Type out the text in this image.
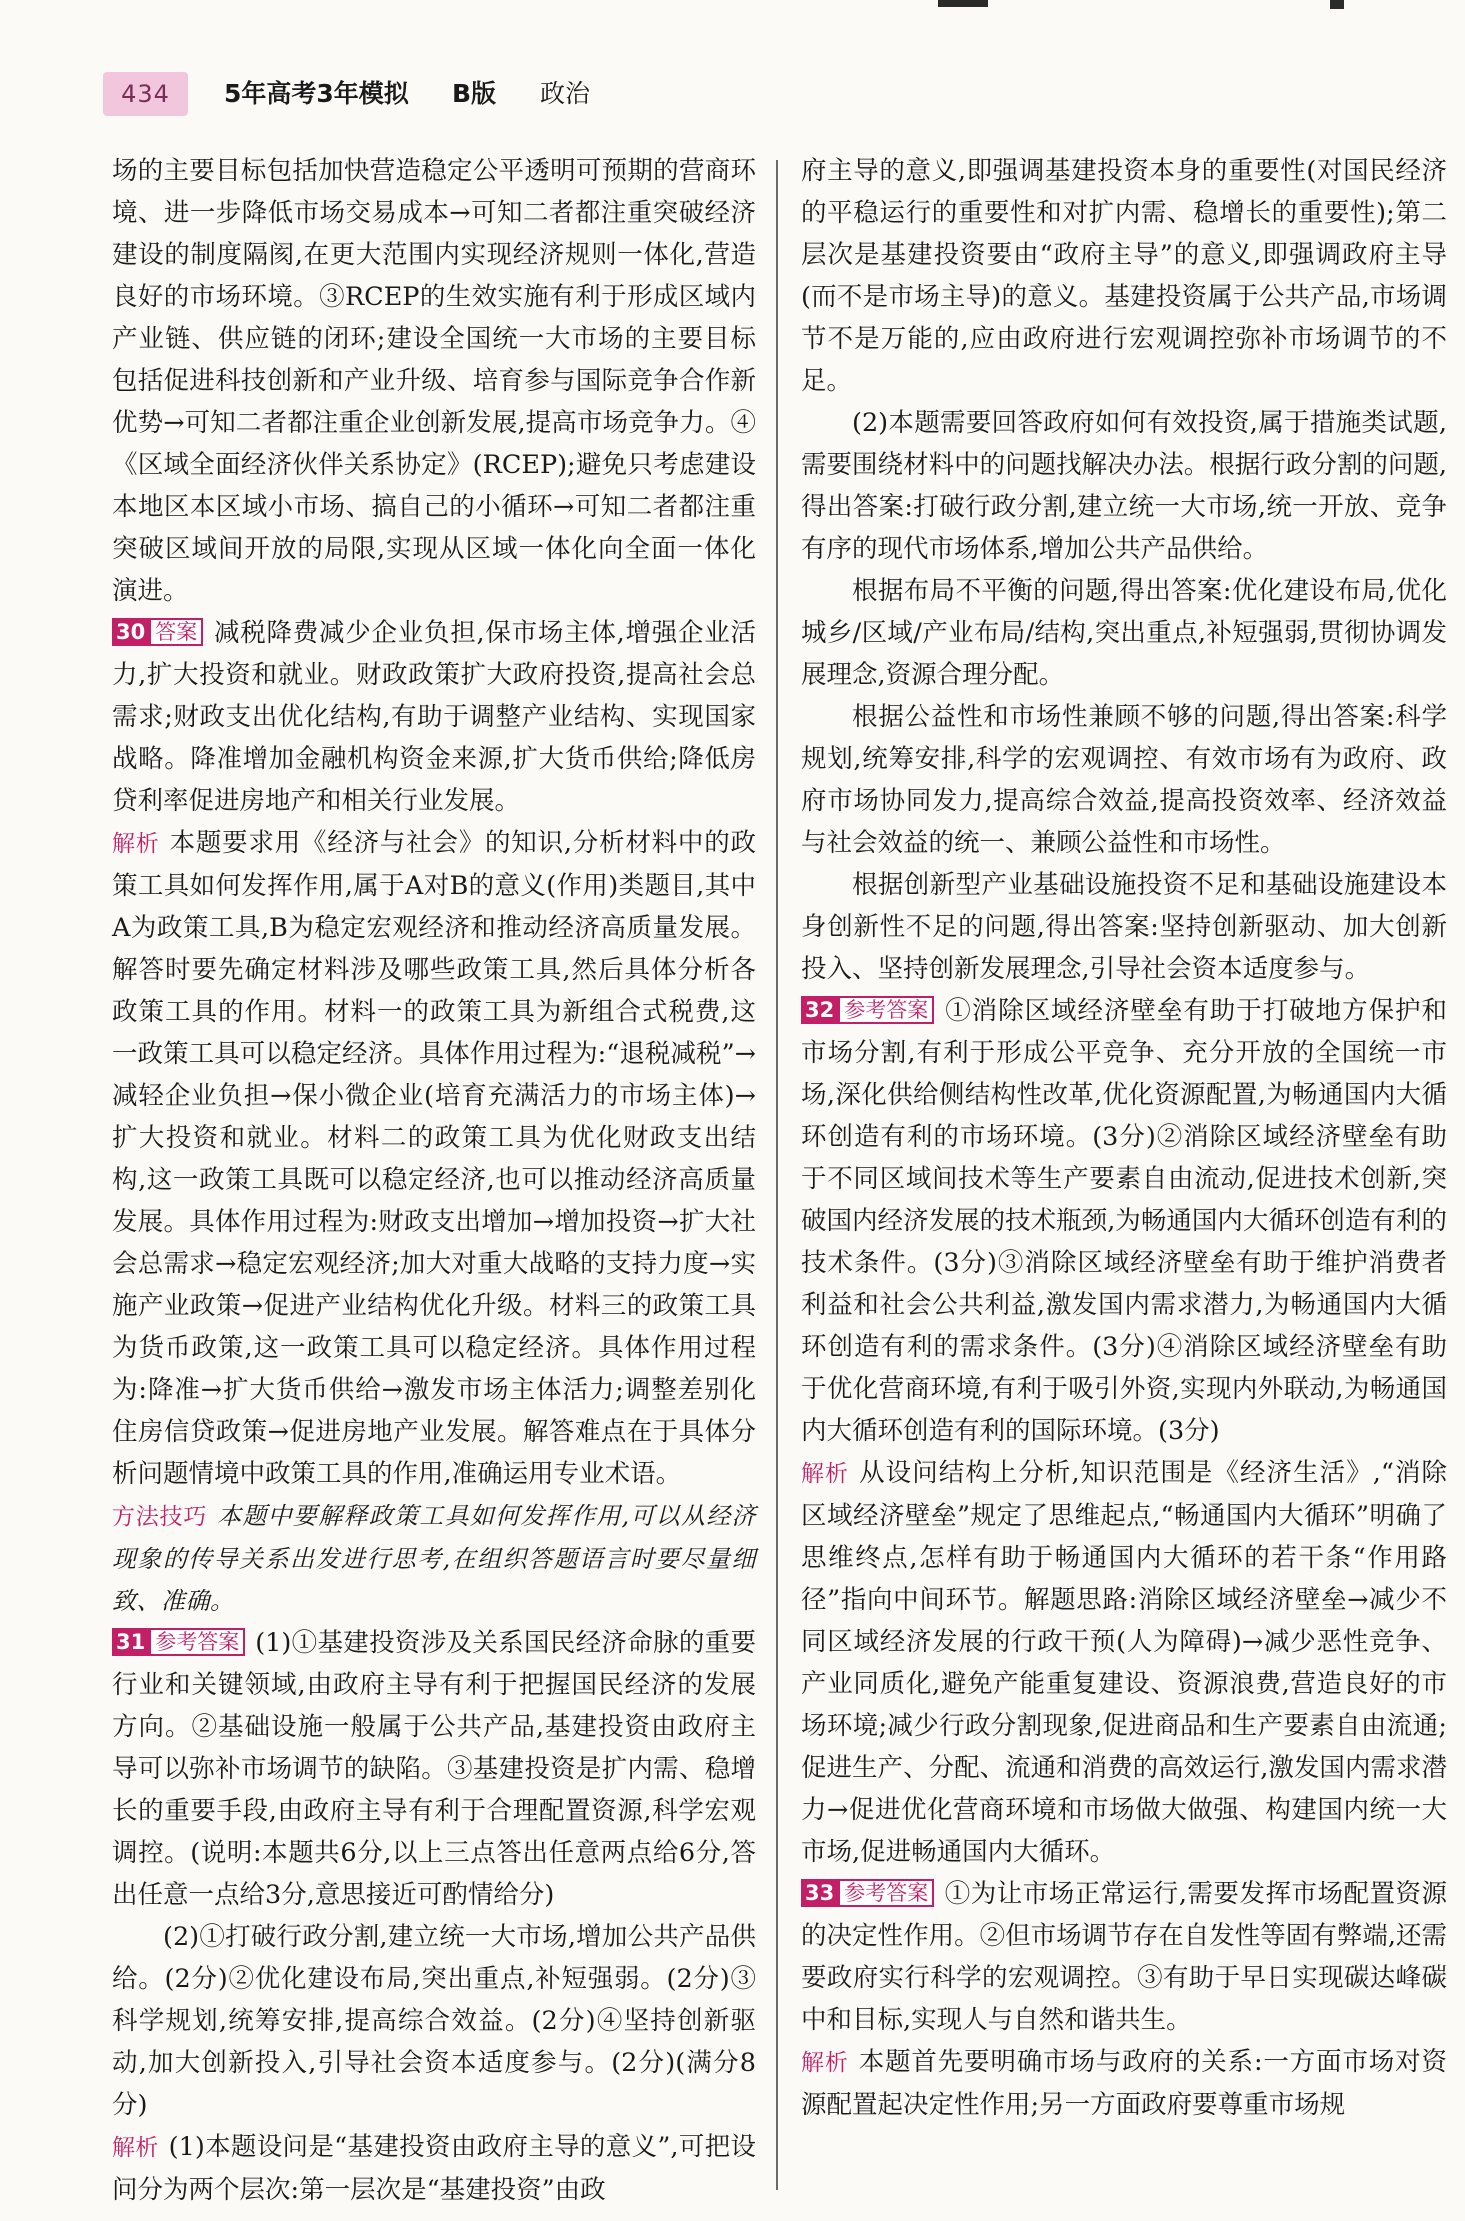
434	5年高考3年模拟 B版 政治

场的主要目标包括加快营造稳定公平透明可预期的营商环境、进一步降低市场交易成本→可知二者都注重突破经济建设的制度隔阂,在更大范围内实现经济规则一体化,营造良好的市场环境。③RCEP的生效实施有利于形成区域内产业链、供应链的闭环;建设全国统一大市场的主要目标包括促进科技创新和产业升级、培育参与国际竞争合作新优势→可知二者都注重企业创新发展,提高市场竞争力。④《区域全面经济伙伴关系协定》(RCEP);避免只考虑建设本地区本区域小市场、搞自己的小循环→可知二者都注重突破区域间开放的局限,实现从区域一体化向全面一体化演进。

30 答案 减税降费减少企业负担,保市场主体,增强企业活力,扩大投资和就业。财政政策扩大政府投资,提高社会总需求;财政支出优化结构,有助于调整产业结构、实现国家战略。降准增加金融机构资金来源,扩大货币供给;降低房贷利率促进房地产和相关行业发展。

解析 本题要求用《经济与社会》的知识,分析材料中的政策工具如何发挥作用,属于A对B的意义(作用)类题目,其中A为政策工具,B为稳定宏观经济和推动经济高质量发展。解答时要先确定材料涉及哪些政策工具,然后具体分析各政策工具的作用。材料一的政策工具为新组合式税费,这一政策工具可以稳定经济。具体作用过程为:“退税减税”→减轻企业负担→保小微企业(培育充满活力的市场主体)→扩大投资和就业。材料二的政策工具为优化财政支出结构,这一政策工具既可以稳定经济,也可以推动经济高质量发展。具体作用过程为:财政支出增加→增加投资→扩大社会总需求→稳定宏观经济;加大对重大战略的支持力度→实施产业政策→促进产业结构优化升级。材料三的政策工具为货币政策,这一政策工具可以稳定经济。具体作用过程为:降准→扩大货币供给→激发市场主体活力;调整差别化住房信贷政策→促进房地产业发展。解答难点在于具体分析问题情境中政策工具的作用,准确运用专业术语。

方法技巧 本题中要解释政策工具如何发挥作用,可以从经济现象的传导关系出发进行思考,在组织答题语言时要尽量细致、准确。

31 参考答案 (1)①基建投资涉及关系国民经济命脉的重要行业和关键领域,由政府主导有利于把握国民经济的发展方向。②基础设施一般属于公共产品,基建投资由政府主导可以弥补市场调节的缺陷。③基建投资是扩内需、稳增长的重要手段,由政府主导有利于合理配置资源,科学宏观调控。(说明:本题共6分,以上三点答出任意两点给6分,答出任意一点给3分,意思接近可酌情给分)

(2)①打破行政分割,建立统一大市场,增加公共产品供给。(2分)②优化建设布局,突出重点,补短强弱。(2分)③科学规划,统筹安排,提高综合效益。(2分)④坚持创新驱动,加大创新投入,引导社会资本适度参与。(2分)(满分8分)

解析 (1)本题设问是“基建投资由政府主导的意义”,可把设问分为两个层次:第一层次是“基建投资”由政

府主导的意义,即强调基建投资本身的重要性(对国民经济的平稳运行的重要性和对扩内需、稳增长的重要性);第二层次是基建投资要由“政府主导”的意义,即强调政府主导(而不是市场主导)的意义。基建投资属于公共产品,市场调节不是万能的,应由政府进行宏观调控弥补市场调节的不足。

(2)本题需要回答政府如何有效投资,属于措施类试题,需要围绕材料中的问题找解决办法。根据行政分割的问题,得出答案:打破行政分割,建立统一大市场,统一开放、竞争有序的现代市场体系,增加公共产品供给。

根据布局不平衡的问题,得出答案:优化建设布局,优化城乡/区域/产业布局/结构,突出重点,补短强弱,贯彻协调发展理念,资源合理分配。

根据公益性和市场性兼顾不够的问题,得出答案:科学规划,统筹安排,科学的宏观调控、有效市场有为政府、政府市场协同发力,提高综合效益,提高投资效率、经济效益与社会效益的统一、兼顾公益性和市场性。

根据创新型产业基础设施投资不足和基础设施建设本身创新性不足的问题,得出答案:坚持创新驱动、加大创新投入、坚持创新发展理念,引导社会资本适度参与。

32 参考答案 ①消除区域经济壁垒有助于打破地方保护和市场分割,有利于形成公平竞争、充分开放的全国统一市场,深化供给侧结构性改革,优化资源配置,为畅通国内大循环创造有利的市场环境。(3分)②消除区域经济壁垒有助于不同区域间技术等生产要素自由流动,促进技术创新,突破国内经济发展的技术瓶颈,为畅通国内大循环创造有利的技术条件。(3分)③消除区域经济壁垒有助于维护消费者利益和社会公共利益,激发国内需求潜力,为畅通国内大循环创造有利的需求条件。(3分)④消除区域经济壁垒有助于优化营商环境,有利于吸引外资,实现内外联动,为畅通国内大循环创造有利的国际环境。(3分)

解析 从设问结构上分析,知识范围是《经济生活》,“消除区域经济壁垒”规定了思维起点,“畅通国内大循环”明确了思维终点,怎样有助于畅通国内大循环的若干条“作用路径”指向中间环节。解题思路:消除区域经济壁垒→减少不同区域经济发展的行政干预(人为障碍)→减少恶性竞争、产业同质化,避免产能重复建设、资源浪费,营造良好的市场环境;减少行政分割现象,促进商品和生产要素自由流通;促进生产、分配、流通和消费的高效运行,激发国内需求潜力→促进优化营商环境和市场做大做强、构建国内统一大市场,促进畅通国内大循环。

33 参考答案 ①为让市场正常运行,需要发挥市场配置资源的决定性作用。②但市场调节存在自发性等固有弊端,还需要政府实行科学的宏观调控。③有助于早日实现碳达峰碳中和目标,实现人与自然和谐共生。

解析 本题首先要明确市场与政府的关系:一方面市场对资源配置起决定性作用;另一方面政府要尊重市场规
